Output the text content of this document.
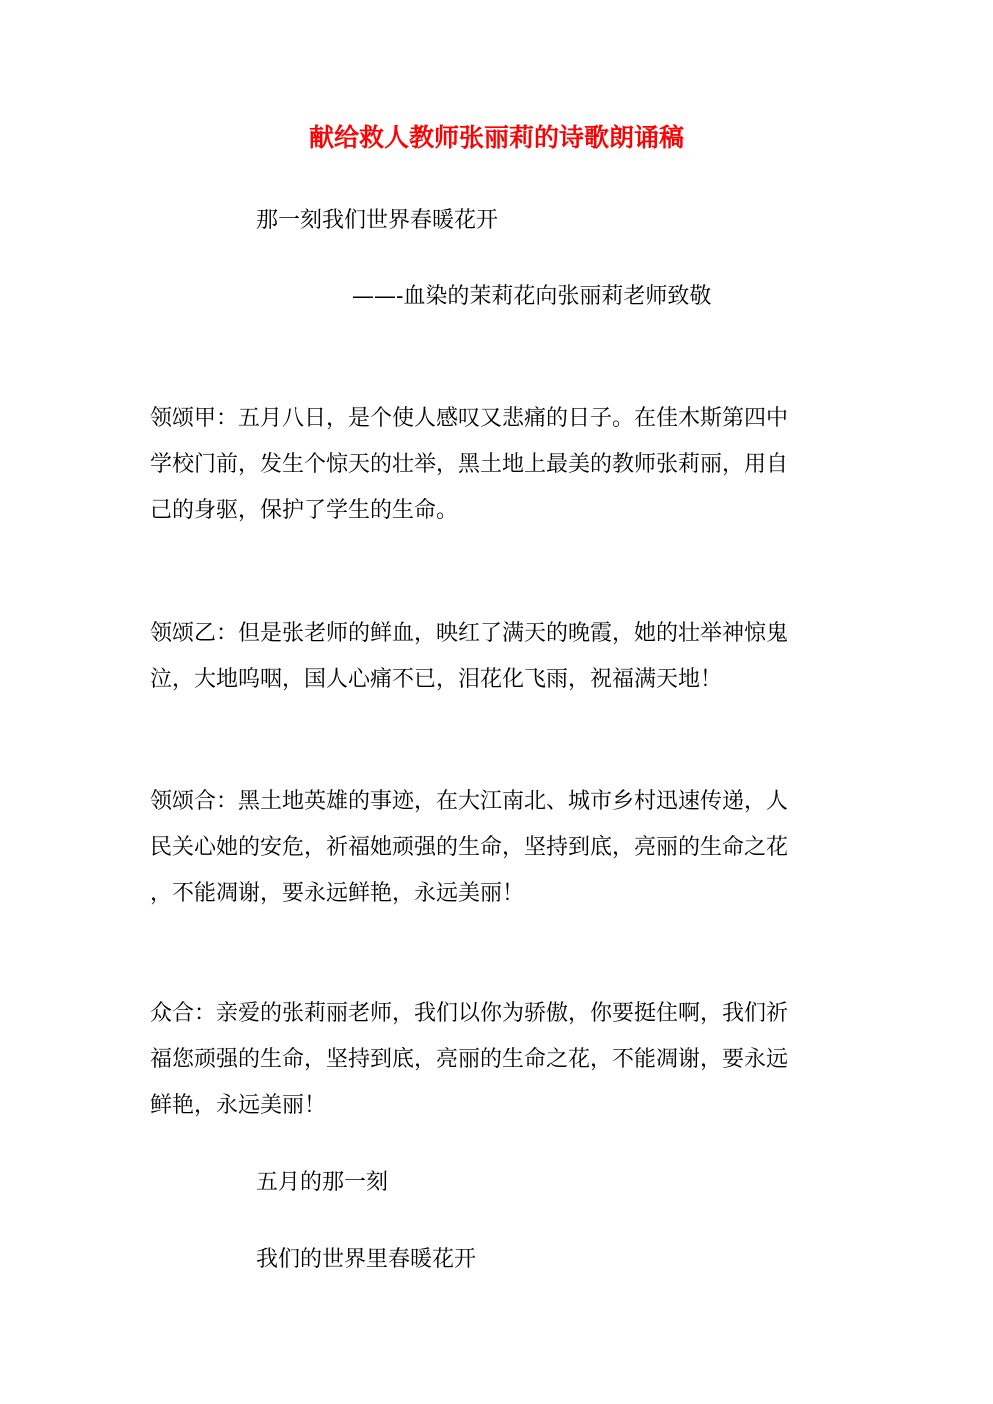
献给救人教师张丽莉的诗歌朗诵稿

那一刻我们世界春暖花开

——-血染的茉莉花向张丽莉老师致敬

领颂甲：五月八日，是个使人感叹又悲痛的日子。在佳木斯第四中
学校门前，发生个惊天的壮举，黑土地上最美的教师张莉丽，用自
己的身驱，保护了学生的生命。
领颂乙：但是张老师的鲜血，映红了满天的晚霞，她的壮举神惊鬼
泣，大地呜咽，国人心痛不已，泪花化飞雨，祝福满天地！
领颂合：黑土地英雄的事迹，在大江南北、城市乡村迅速传递，人
民关心她的安危，祈福她顽强的生命，坚持到底，亮丽的生命之花
，不能凋谢，要永远鲜艳，永远美丽！
众合：亲爱的张莉丽老师，我们以你为骄傲，你要挺住啊，我们祈
福您顽强的生命，坚持到底，亮丽的生命之花，不能凋谢，要永远
鲜艳，永远美丽！

五月的那一刻

我们的世界里春暖花开
